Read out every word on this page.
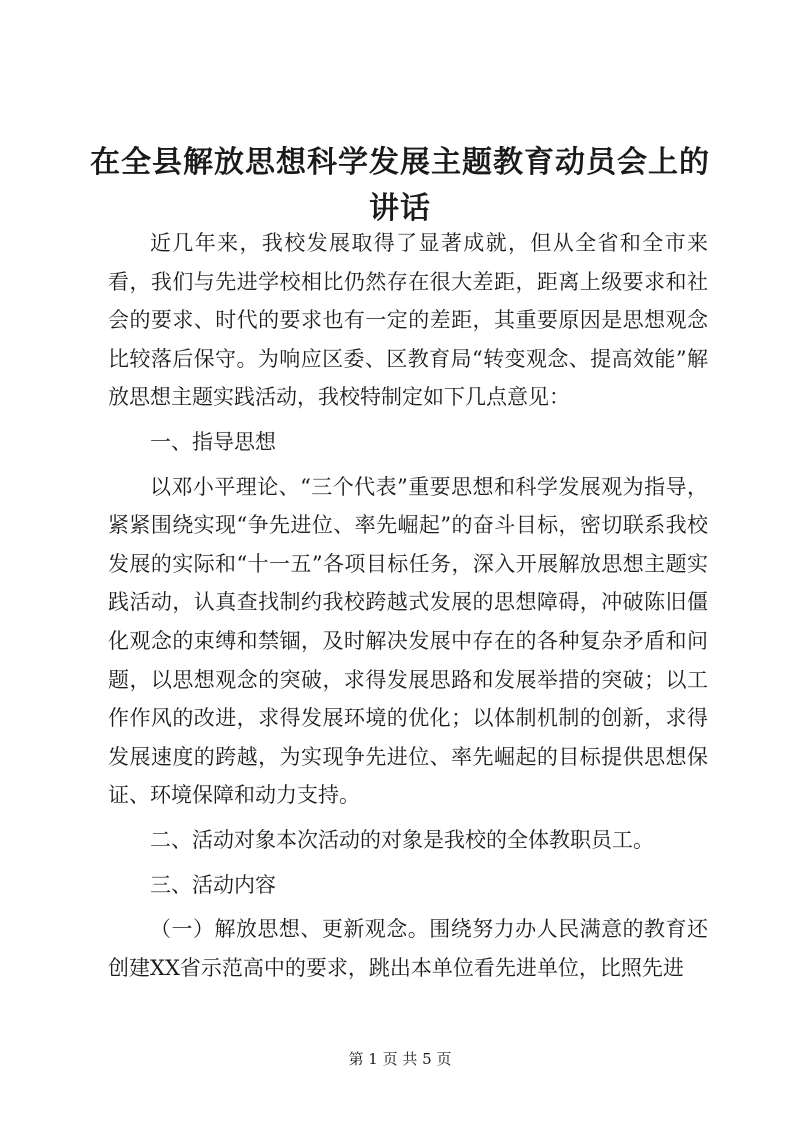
在全县解放思想科学发展主题教育动员会上的讲话

近几年来，我校发展取得了显著成就，但从全省和全市来看，我们与先进学校相比仍然存在很大差距，距离上级要求和社会的要求、时代的要求也有一定的差距，其重要原因是思想观念比较落后保守。为响应区委、区教育局“转变观念、提高效能”解放思想主题实践活动，我校特制定如下几点意见：

一、指导思想

以邓小平理论、“三个代表”重要思想和科学发展观为指导，紧紧围绕实现“争先进位、率先崛起”的奋斗目标，密切联系我校发展的实际和“十一五”各项目标任务，深入开展解放思想主题实践活动，认真查找制约我校跨越式发展的思想障碍，冲破陈旧僵化观念的束缚和禁锢，及时解决发展中存在的各种复杂矛盾和问题，以思想观念的突破，求得发展思路和发展举措的突破；以工作作风的改进，求得发展环境的优化；以体制机制的创新，求得发展速度的跨越，为实现争先进位、率先崛起的目标提供思想保证、环境保障和动力支持。

二、活动对象本次活动的对象是我校的全体教职员工。

三、活动内容

（一）解放思想、更新观念。围绕努力办人民满意的教育还创建XX省示范高中的要求，跳出本单位看先进单位，比照先进

第 1 页 共 5 页
